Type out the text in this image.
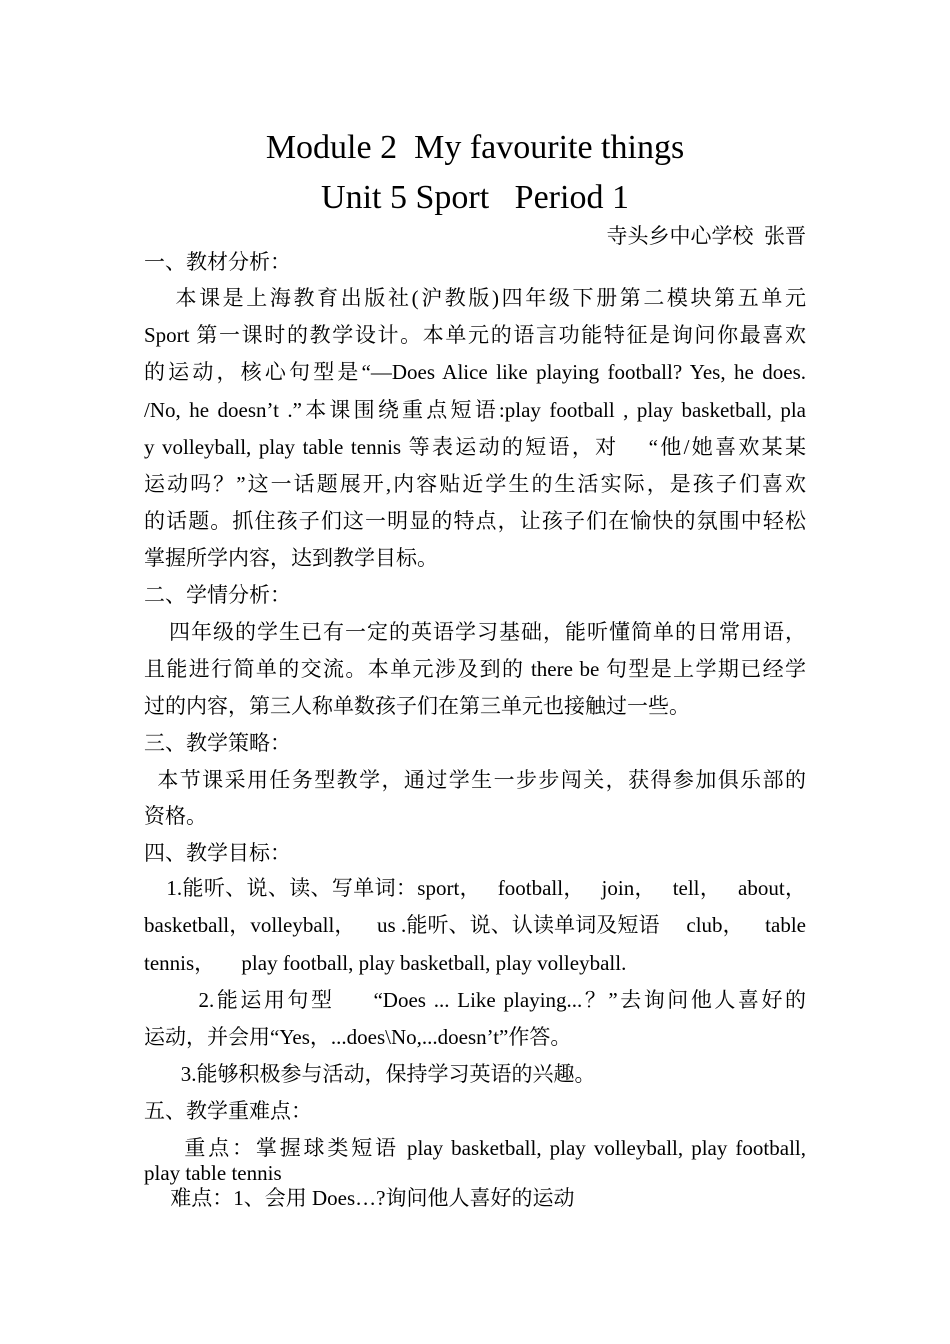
Module 2  My favourite things
Unit 5 Sport   Period 1
寺头乡中心学校  张晋
一、教材分析：
本课是上海教育出版社(沪教版)四年级下册第二模块第五单元
Sport 第一课时的教学设计。本单元的语言功能特征是询问你最喜欢
的运动，核心句型是“—Does Alice like playing football? Yes, he does.
/No, he doesn’t .”本课围绕重点短语:play football , play basketball, pla
y volleyball, play table tennis 等表运动的短语，对    “他/她喜欢某某
运动吗？”这一话题展开,内容贴近学生的生活实际，是孩子们喜欢
的话题。抓住孩子们这一明显的特点，让孩子们在愉快的氛围中轻松
掌握所学内容，达到教学目标。
二、学情分析：
四年级的学生已有一定的英语学习基础，能听懂简单的日常用语，
且能进行简单的交流。本单元涉及到的 there be 句型是上学期已经学
过的内容，第三人称单数孩子们在第三单元也接触过一些。
三、教学策略：
本节课采用任务型教学，通过学生一步步闯关，获得参加俱乐部的
资格。
四、教学目标：
1.能听、说、读、写单词：sport，   football，   join，   tell，   about，
basketball，volleyball，    us .能听、说、认读单词及短语     club，    table
tennis，     play football, play basketball, play volleyball.
2.能运用句型     “Does ... Like playing...？”去询问他人喜好的
运动，并会用“Yes，...does\No,...doesn’t”作答。
3.能够积极参与活动，保持学习英语的兴趣。
五、教学重难点：
重点：掌握球类短语 play basketball, play volleyball, play football,
play table tennis
难点：1、会用 Does…?询问他人喜好的运动
